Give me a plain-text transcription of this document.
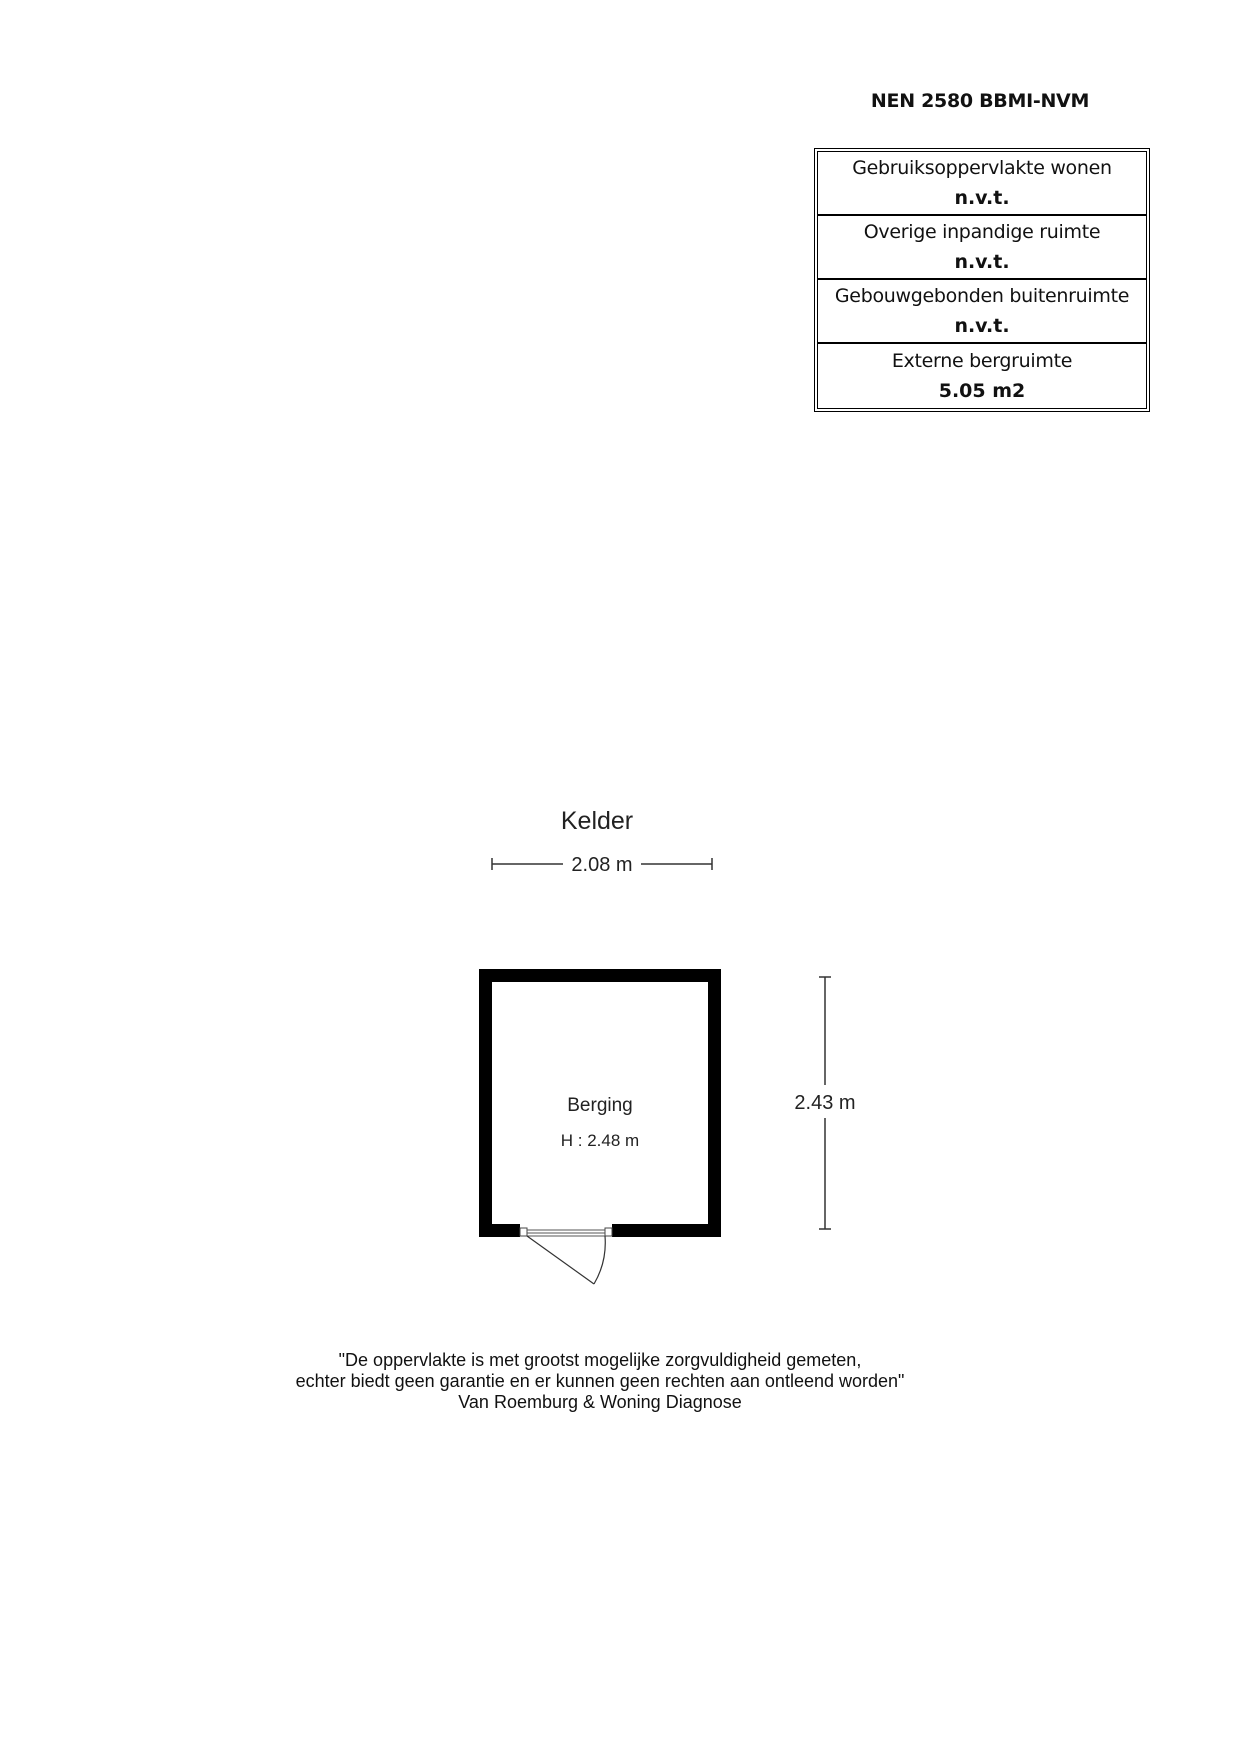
NEN 2580 BBMI-NVM
Gebruiksoppervlakte wonen
n.v.t.
Overige inpandige ruimte
n.v.t.
Gebouwgebonden buitenruimte
n.v.t.
Externe bergruimte
5.05 m2
Kelder
2.08 m
Berging
H : 2.48 m
2.43 m
"De oppervlakte is met grootst mogelijke zorgvuldigheid gemeten,
echter biedt geen garantie en er kunnen geen rechten aan ontleend worden"
Van Roemburg & Woning Diagnose
